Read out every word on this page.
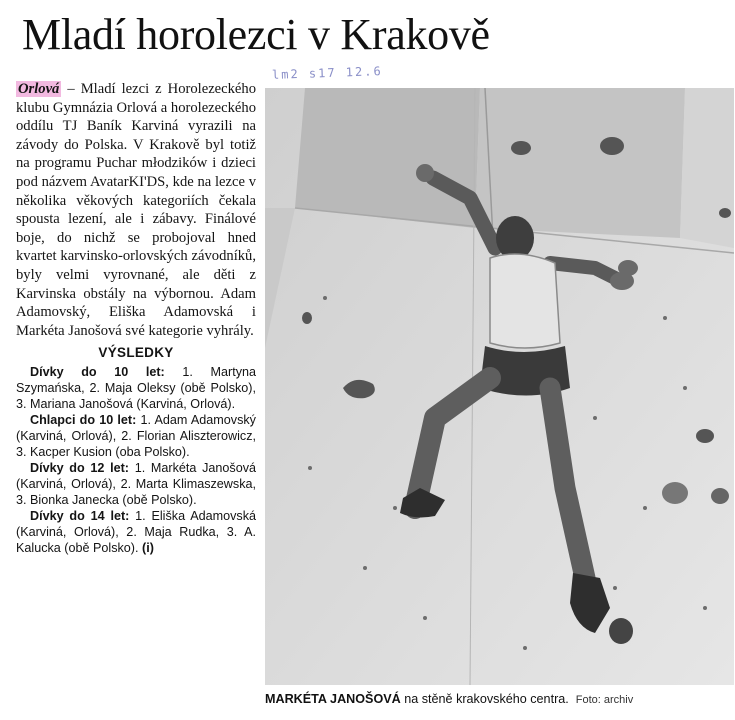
Mladí horolezci v Krakově
lm2 s17 12.6

Orlová – Mladí lezci z Horolezeckého klubu Gymnázia Orlová a horolezeckého oddílu TJ Baník Karviná vyrazili na závody do Polska. V Krakově byl totiž na programu Puchar młodzików i dzieci pod názvem AvatarKI'DS, kde na lezce v několika věkových kategoriích čekala spousta lezení, ale i zábavy. Finálové boje, do nichž se probojoval hned kvartet karvinsko-orlovských závodníků, byly velmi vyrovnané, ale děti z Karvinska obstály na výbornou. Adam Adamovský, Eliška Adamovská i Markéta Janošová své kategorie vyhrály.

VÝSLEDKY

Dívky do 10 let: 1. Martyna Szymańska, 2. Maja Oleksy (obě Polsko), 3. Mariana Janošová (Karviná, Orlová).

Chlapci do 10 let: 1. Adam Adamovský (Karviná, Orlová), 2. Florian Aliszterowicz, 3. Kacper Kusion (oba Polsko).

Dívky do 12 let: 1. Markéta Janošová (Karviná, Orlová), 2. Marta Klimaszewska, 3. Bionka Janecka (obě Polsko).

Dívky do 14 let: 1. Eliška Adamovská (Karviná, Orlová), 2. Maja Rudka, 3. A. Kalucka (obě Polsko). (i)

MARKÉTA JANOŠOVÁ na stěně krakovského centra. Foto: archiv
